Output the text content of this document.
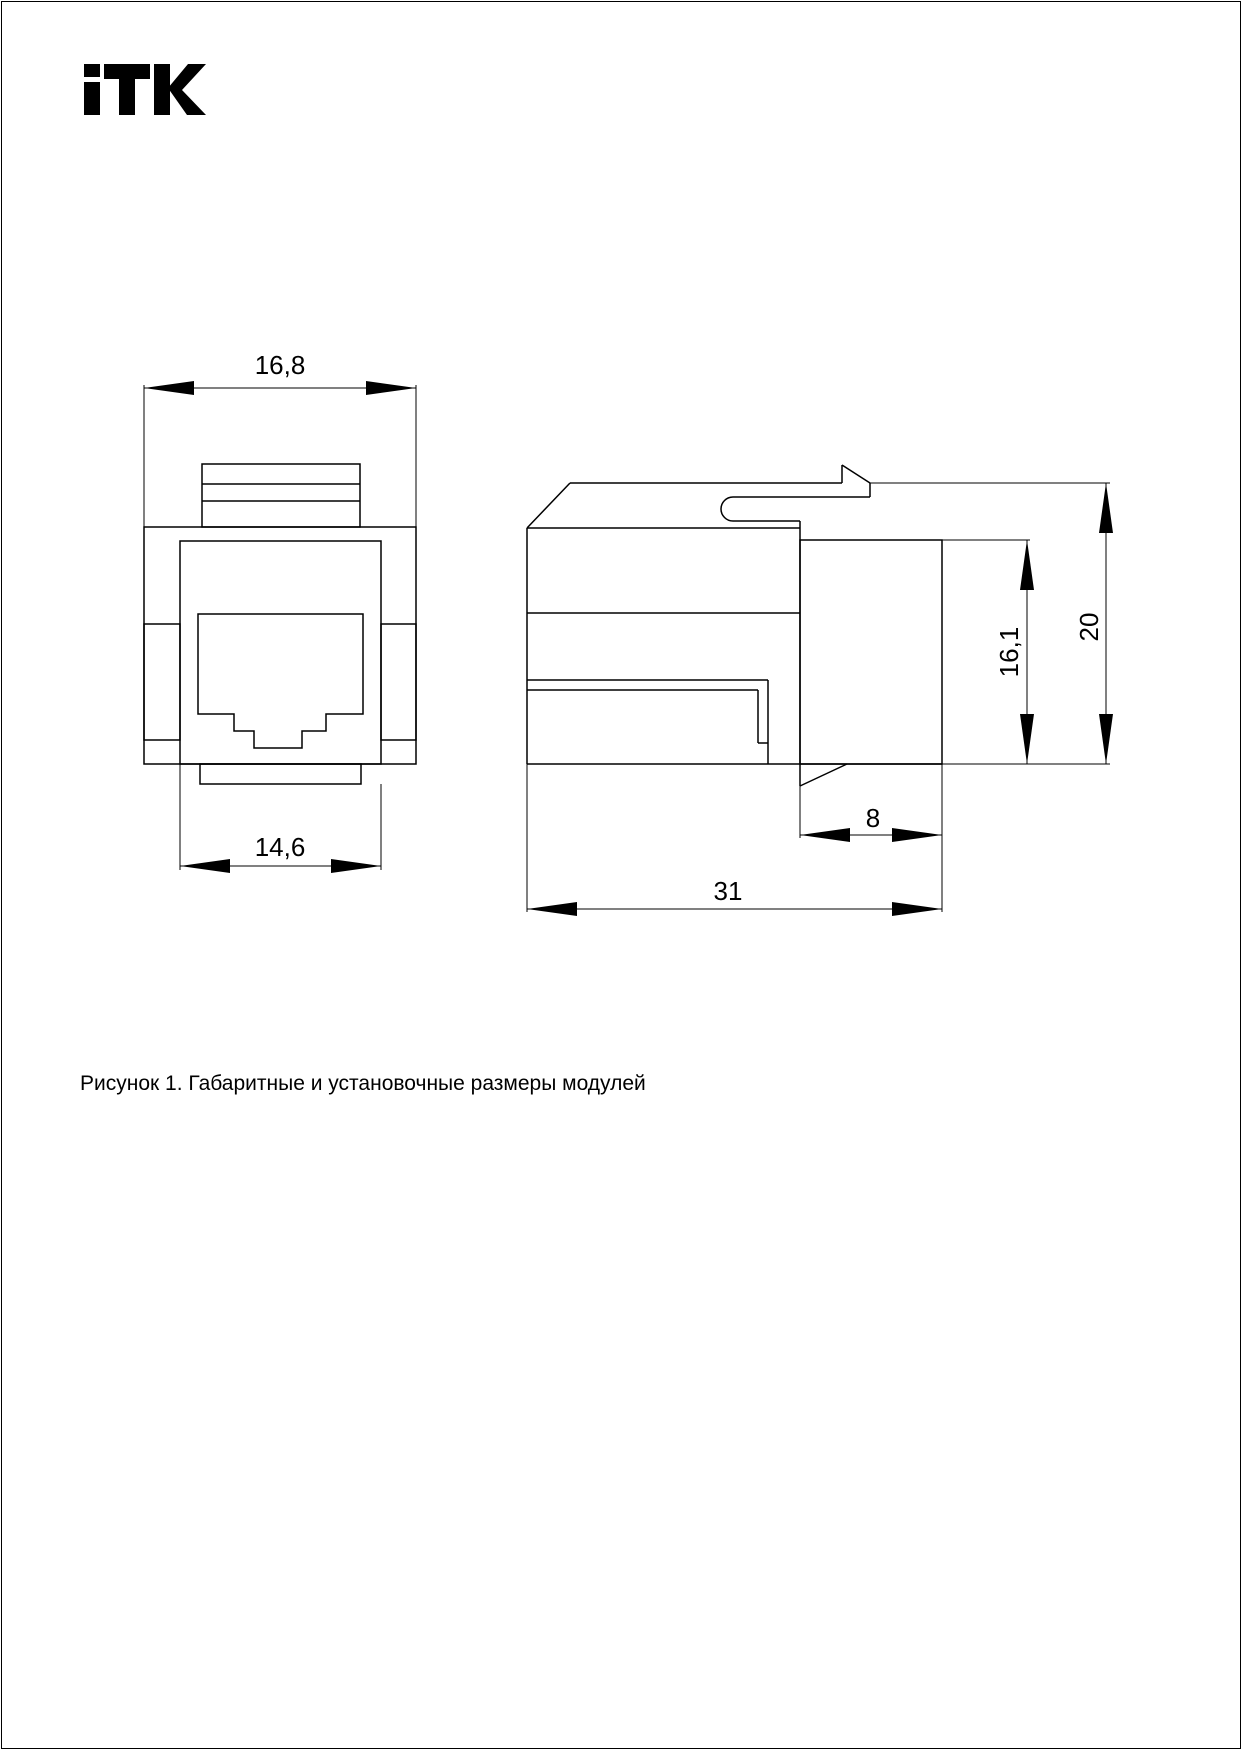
16,8
14,6
20
16,1
8
31
Рисунок 1. Габаритные и установочные размеры модулей
